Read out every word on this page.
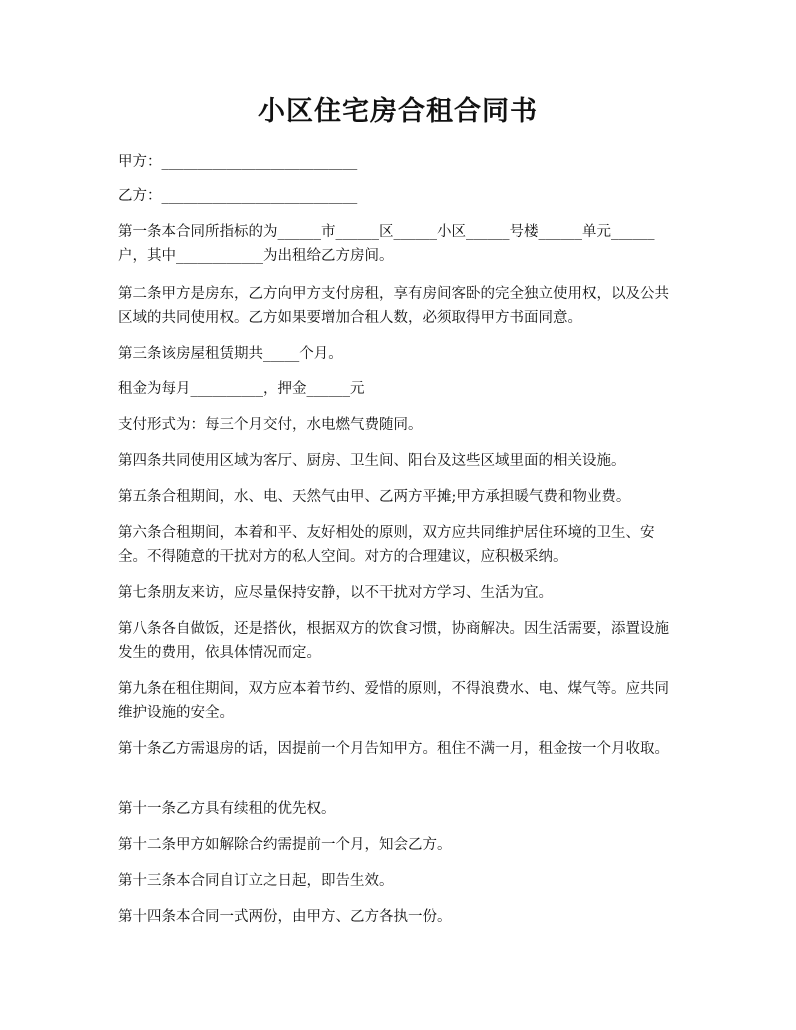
小区住宅房合租合同书

甲方：___________________________

乙方：___________________________

第一条本合同所指标的为______市______区______小区______号楼______单元______户，其中____________为出租给乙方房间。

第二条甲方是房东，乙方向甲方支付房租，享有房间客卧的完全独立使用权，以及公共区域的共同使用权。乙方如果要增加合租人数，必须取得甲方书面同意。

第三条该房屋租赁期共_____个月。

租金为每月__________，押金______元

支付形式为：每三个月交付，水电燃气费随同。

第四条共同使用区域为客厅、厨房、卫生间、阳台及这些区域里面的相关设施。

第五条合租期间，水、电、天然气由甲、乙两方平摊;甲方承担暖气费和物业费。

第六条合租期间，本着和平、友好相处的原则，双方应共同维护居住环境的卫生、安全。不得随意的干扰对方的私人空间。对方的合理建议，应积极采纳。

第七条朋友来访，应尽量保持安静，以不干扰对方学习、生活为宜。

第八条各自做饭，还是搭伙，根据双方的饮食习惯，协商解决。因生活需要，添置设施发生的费用，依具体情况而定。

第九条在租住期间，双方应本着节约、爱惜的原则，不得浪费水、电、煤气等。应共同维护设施的安全。

第十条乙方需退房的话，因提前一个月告知甲方。租住不满一月，租金按一个月收取。

第十一条乙方具有续租的优先权。

第十二条甲方如解除合约需提前一个月，知会乙方。

第十三条本合同自订立之日起，即告生效。

第十四条本合同一式两份，由甲方、乙方各执一份。
